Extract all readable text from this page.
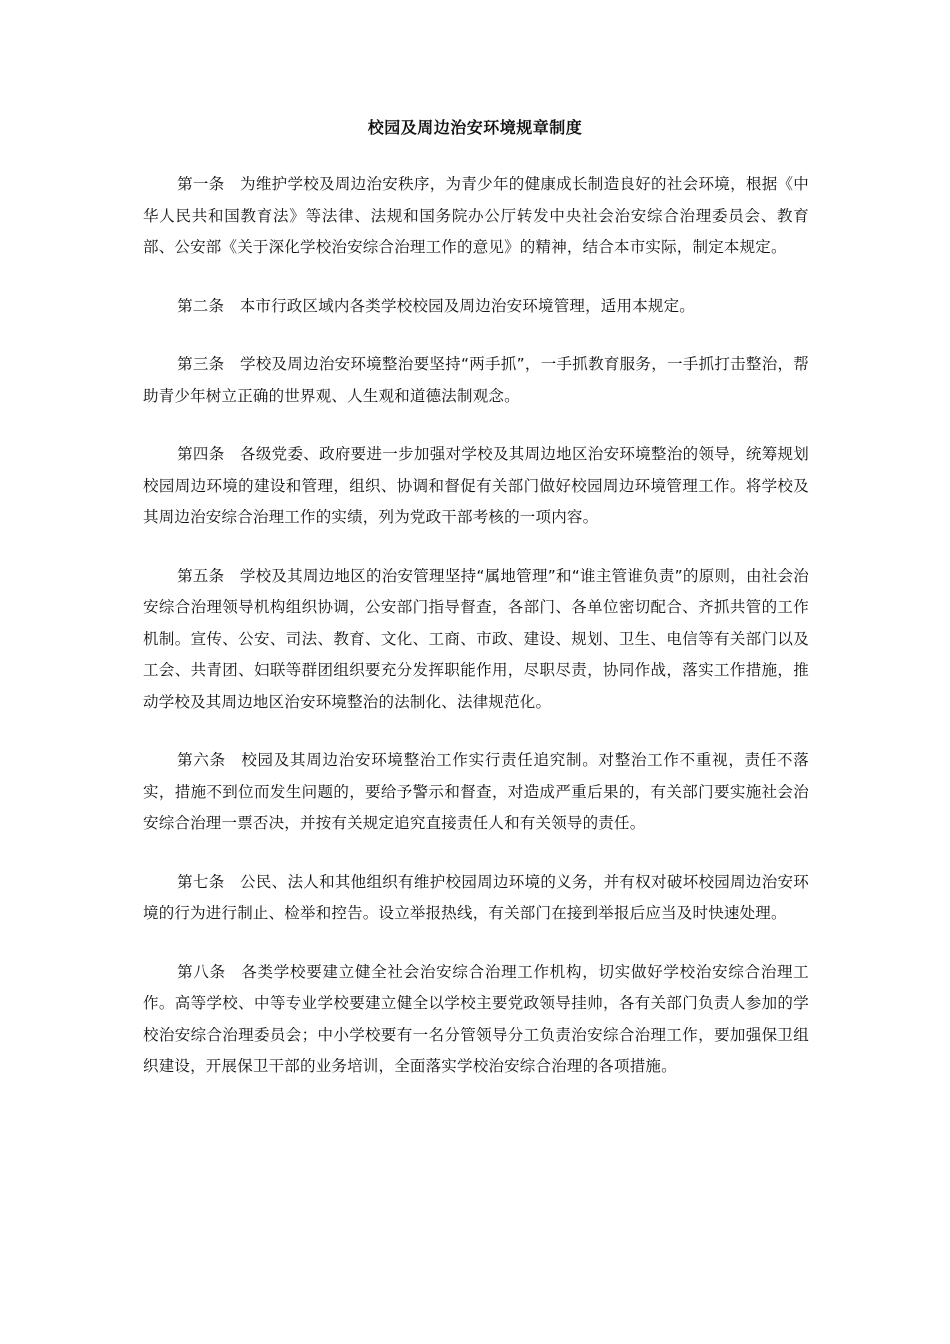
校园及周边治安环境规章制度

第一条 为维护学校及周边治安秩序，为青少年的健康成长制造良好的社会环境，根据《中华人民共和国教育法》等法律、法规和国务院办公厅转发中央社会治安综合治理委员会、教育部、公安部《关于深化学校治安综合治理工作的意见》的精神，结合本市实际，制定本规定。

第二条 本市行政区域内各类学校校园及周边治安环境管理，适用本规定。

第三条 学校及周边治安环境整治要坚持“两手抓”，一手抓教育服务，一手抓打击整治，帮助青少年树立正确的世界观、人生观和道德法制观念。

第四条 各级党委、政府要进一步加强对学校及其周边地区治安环境整治的领导，统筹规划校园周边环境的建设和管理，组织、协调和督促有关部门做好校园周边环境管理工作。将学校及其周边治安综合治理工作的实绩，列为党政干部考核的一项内容。

第五条 学校及其周边地区的治安管理坚持“属地管理”和“谁主管谁负责”的原则，由社会治安综合治理领导机构组织协调，公安部门指导督查，各部门、各单位密切配合、齐抓共管的工作机制。宣传、公安、司法、教育、文化、工商、市政、建设、规划、卫生、电信等有关部门以及工会、共青团、妇联等群团组织要充分发挥职能作用，尽职尽责，协同作战，落实工作措施，推动学校及其周边地区治安环境整治的法制化、法律规范化。

第六条 校园及其周边治安环境整治工作实行责任追究制。对整治工作不重视，责任不落实，措施不到位而发生问题的，要给予警示和督查，对造成严重后果的，有关部门要实施社会治安综合治理一票否决，并按有关规定追究直接责任人和有关领导的责任。

第七条 公民、法人和其他组织有维护校园周边环境的义务，并有权对破坏校园周边治安环境的行为进行制止、检举和控告。设立举报热线，有关部门在接到举报后应当及时快速处理。

第八条 各类学校要建立健全社会治安综合治理工作机构，切实做好学校治安综合治理工作。高等学校、中等专业学校要建立健全以学校主要党政领导挂帅，各有关部门负责人参加的学校治安综合治理委员会；中小学校要有一名分管领导分工负责治安综合治理工作，要加强保卫组织建设，开展保卫干部的业务培训，全面落实学校治安综合治理的各项措施。
